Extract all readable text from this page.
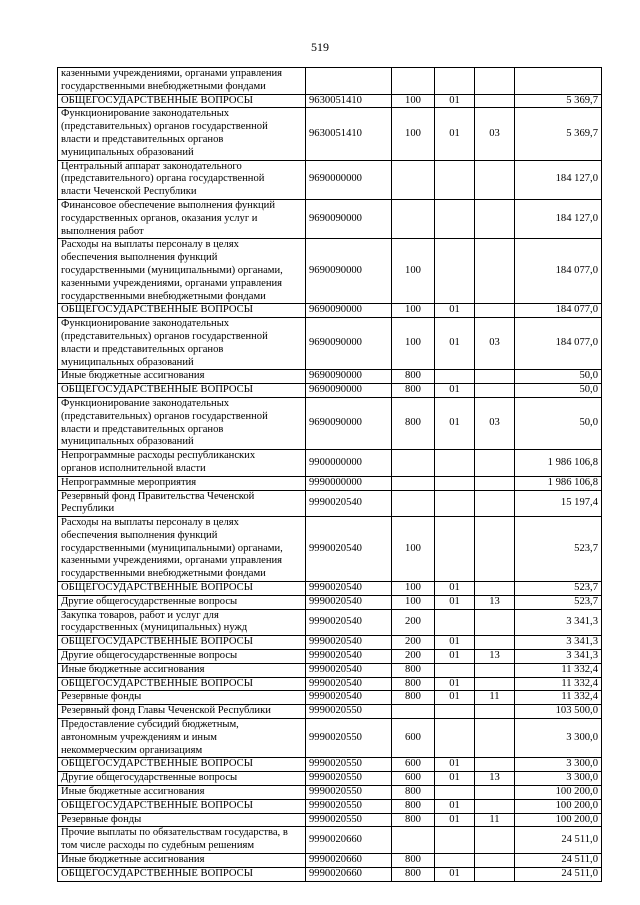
519
казенными учреждениями, органами управления
государственными внебюджетными фондами					
ОБЩЕГОСУДАРСТВЕННЫЕ ВОПРОСЫ	9630051410	100	01		5 369,7
Функционирование законодательных
(представительных) органов государственной
власти и представительных органов
муниципальных образований	9630051410	100	01	03	5 369,7
Центральный аппарат законодательного
(представительного) органа государственной
власти Чеченской Республики	9690000000				184 127,0
Финансовое обеспечение выполнения функций
государственных органов, оказания услуг и
выполнения работ	9690090000				184 127,0
Расходы на выплаты персоналу в целях
обеспечения выполнения функций
государственными (муниципальными) органами,
казенными учреждениями, органами управления
государственными внебюджетными фондами	9690090000	100			184 077,0
ОБЩЕГОСУДАРСТВЕННЫЕ ВОПРОСЫ	9690090000	100	01		184 077,0
Функционирование законодательных
(представительных) органов государственной
власти и представительных органов
муниципальных образований	9690090000	100	01	03	184 077,0
Иные бюджетные ассигнования	9690090000	800			50,0
ОБЩЕГОСУДАРСТВЕННЫЕ ВОПРОСЫ	9690090000	800	01		50,0
Функционирование законодательных
(представительных) органов государственной
власти и представительных органов
муниципальных образований	9690090000	800	01	03	50,0
Непрограммные расходы республиканских
органов исполнительной власти	9900000000				1 986 106,8
Непрограммные мероприятия	9990000000				1 986 106,8
Резервный фонд Правительства Чеченской
Республики	9990020540				15 197,4
Расходы на выплаты персоналу в целях
обеспечения выполнения функций
государственными (муниципальными) органами,
казенными учреждениями, органами управления
государственными внебюджетными фондами	9990020540	100			523,7
ОБЩЕГОСУДАРСТВЕННЫЕ ВОПРОСЫ	9990020540	100	01		523,7
Другие общегосударственные вопросы	9990020540	100	01	13	523,7
Закупка товаров, работ и услуг для
государственных (муниципальных) нужд	9990020540	200			3 341,3
ОБЩЕГОСУДАРСТВЕННЫЕ ВОПРОСЫ	9990020540	200	01		3 341,3
Другие общегосударственные вопросы	9990020540	200	01	13	3 341,3
Иные бюджетные ассигнования	9990020540	800			11 332,4
ОБЩЕГОСУДАРСТВЕННЫЕ ВОПРОСЫ	9990020540	800	01		11 332,4
Резервные фонды	9990020540	800	01	11	11 332,4
Резервный фонд Главы Чеченской Республики	9990020550				103 500,0
Предоставление субсидий бюджетным,
автономным учреждениям и иным
некоммерческим организациям	9990020550	600			3 300,0
ОБЩЕГОСУДАРСТВЕННЫЕ ВОПРОСЫ	9990020550	600	01		3 300,0
Другие общегосударственные вопросы	9990020550	600	01	13	3 300,0
Иные бюджетные ассигнования	9990020550	800			100 200,0
ОБЩЕГОСУДАРСТВЕННЫЕ ВОПРОСЫ	9990020550	800	01		100 200,0
Резервные фонды	9990020550	800	01	11	100 200,0
Прочие выплаты по обязательствам государства, в
том числе расходы по судебным решениям	9990020660				24 511,0
Иные бюджетные ассигнования	9990020660	800			24 511,0
ОБЩЕГОСУДАРСТВЕННЫЕ ВОПРОСЫ	9990020660	800	01		24 511,0
